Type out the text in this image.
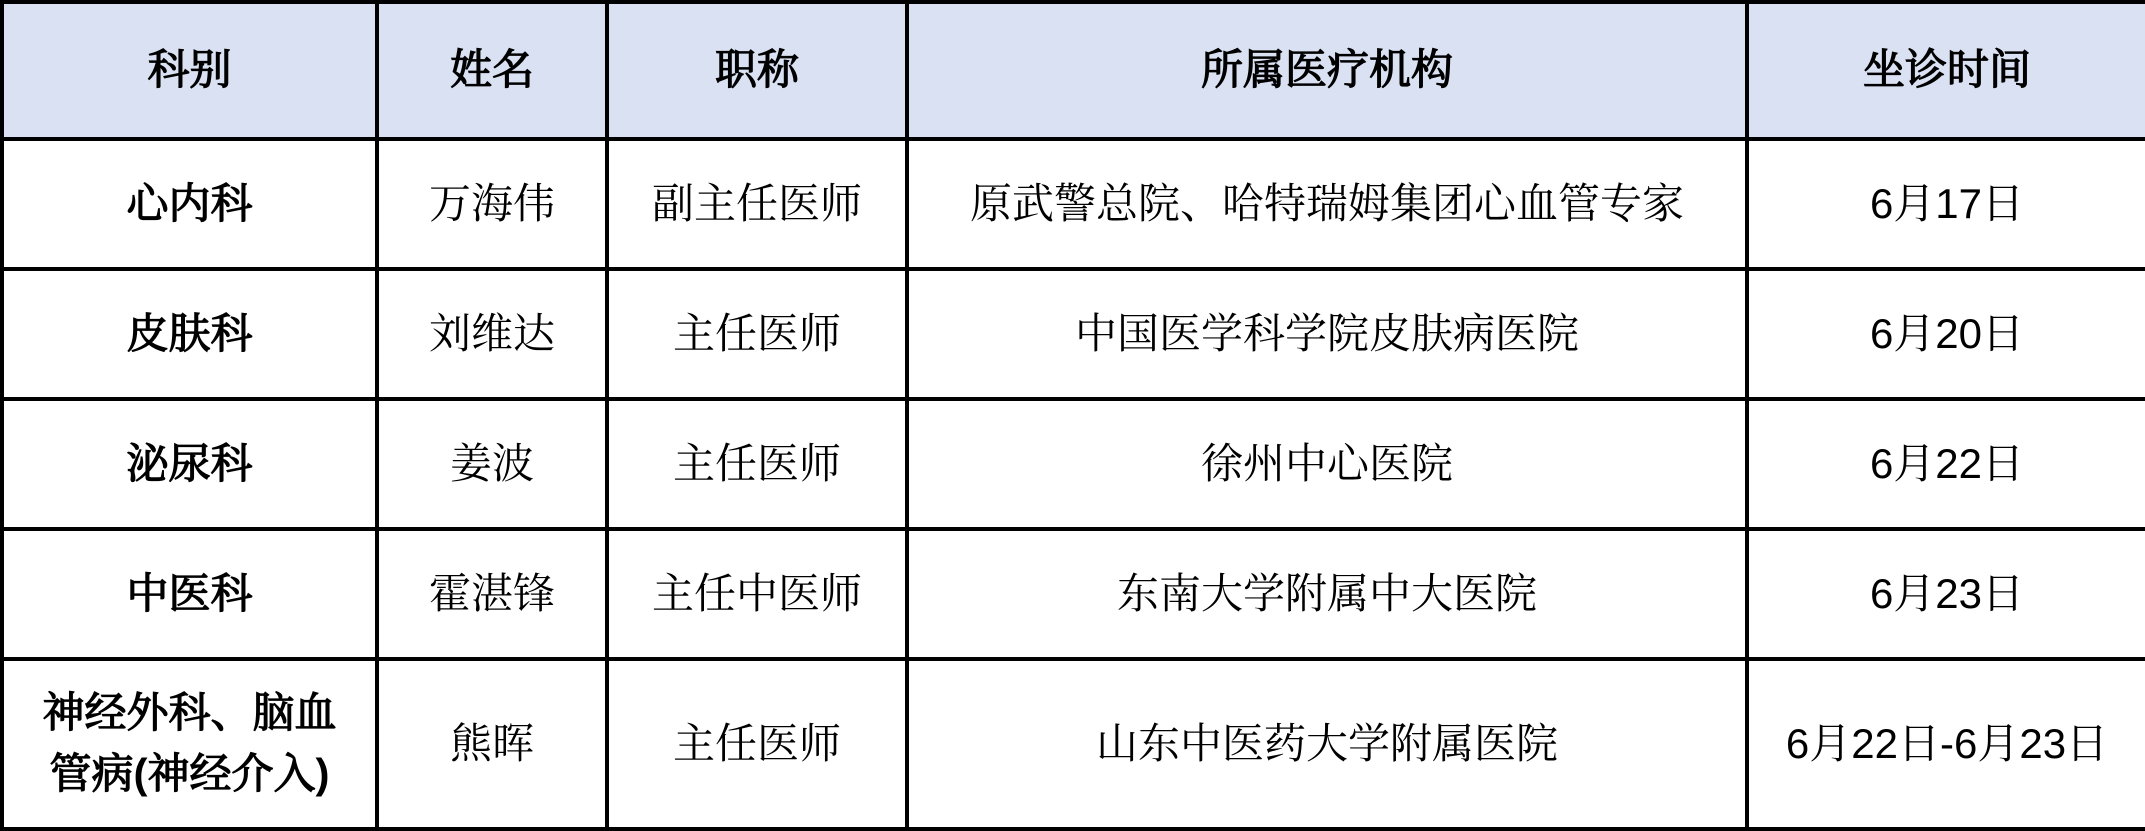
科别	姓名	职称	所属医疗机构	坐诊时间
心内科	万海伟	副主任医师	原武警总院、哈特瑞姆集团心血管专家	6月17日
皮肤科	刘维达	主任医师	中国医学科学院皮肤病医院	6月20日
泌尿科	姜波	主任医师	徐州中心医院	6月22日
中医科	霍湛锋	主任中医师	东南大学附属中大医院	6月23日
神经外科、脑血管病(神经介入)	熊晖	主任医师	山东中医药大学附属医院	6月22日-6月23日
